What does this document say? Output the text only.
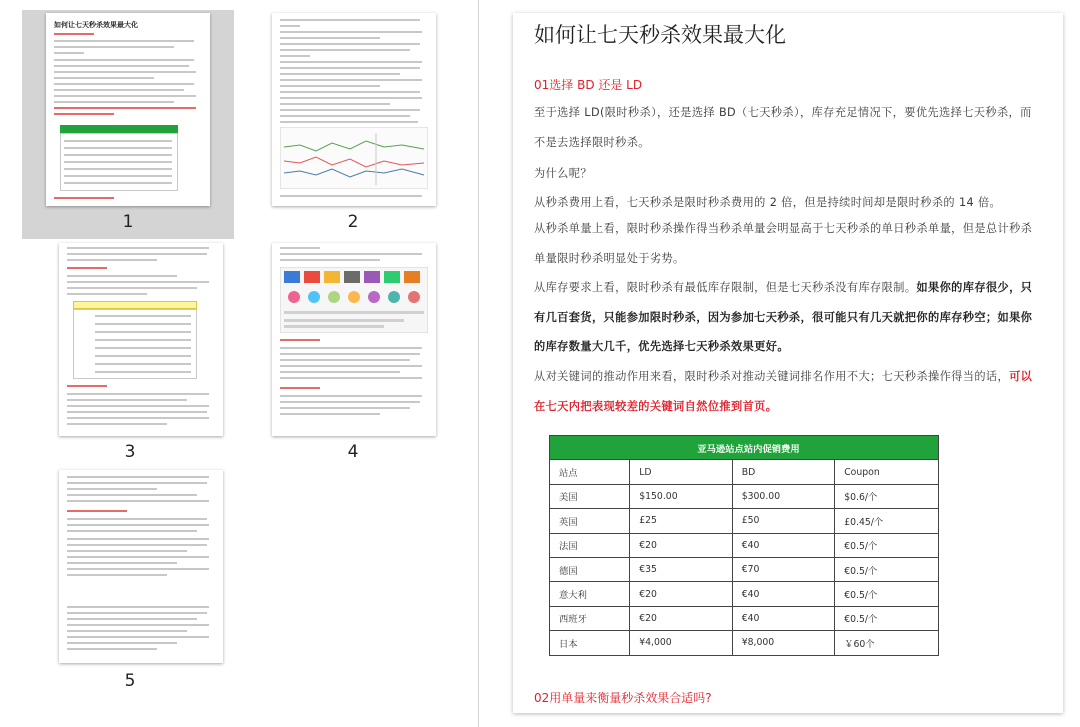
如何让七天秒杀效果最大化
1	2
3	4
5
如何让七天秒杀效果最大化
01选择 BD 还是 LD
至于选择 LD(限时秒杀），还是选择 BD（七天秒杀），库存充足情况下，要优先选择七天秒杀，而不是去选择限时秒杀。
为什么呢？
从秒杀费用上看，七天秒杀是限时秒杀费用的 2 倍，但是持续时间却是限时秒杀的 14 倍。
从秒杀单量上看，限时秒杀操作得当秒杀单量会明显高于七天秒杀的单日秒杀单量，但是总计秒杀单量限时秒杀明显处于劣势。
从库存要求上看，限时秒杀有最低库存限制，但是七天秒杀没有库存限制。如果你的库存很少，只有几百套货，只能参加限时秒杀，因为参加七天秒杀，很可能只有几天就把你的库存秒空；如果你的库存数量大几千，优先选择七天秒杀效果更好。
从对关键词的推动作用来看，限时秒杀对推动关键词排名作用不大；七天秒杀操作得当的话，可以在七天内把表现较差的关键词自然位推到首页。
亚马逊站点站内促销费用			
站点	LD	BD	Coupon
美国	$150.00	$300.00	$0.6/个
英国	£25	£50	£0.45/个
法国	€20	€40	€0.5/个
德国	€35	€70	€0.5/个
意大利	€20	€40	€0.5/个
西班牙	€20	€40	€0.5/个
日本	¥4,000	¥8,000	￥60个
02用单量来衡量秒杀效果合适吗?
